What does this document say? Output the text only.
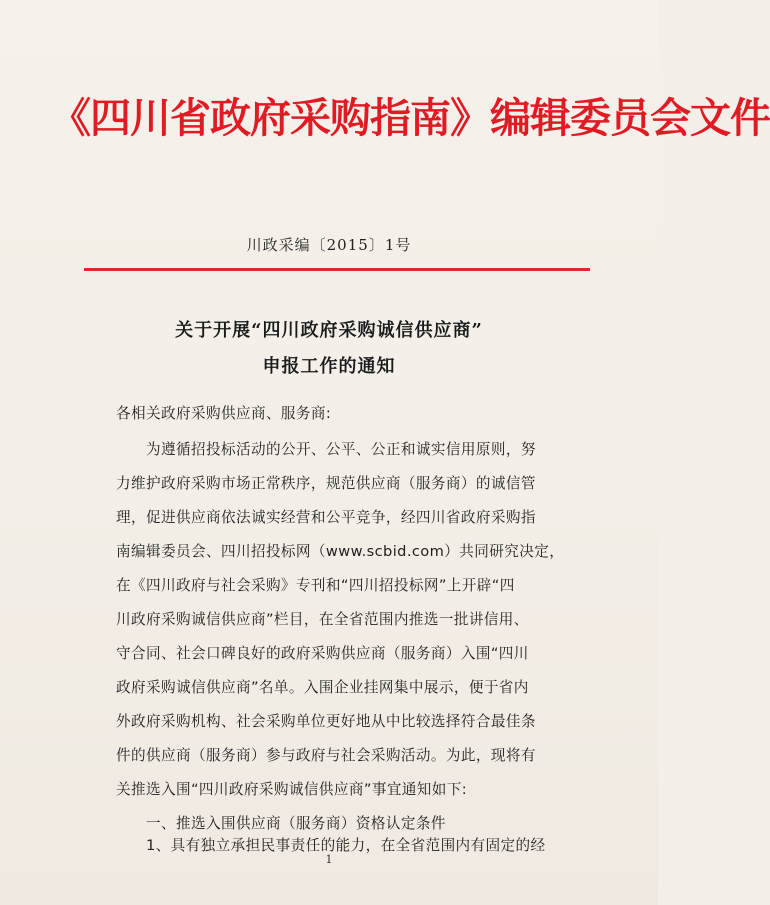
《四川省政府采购指南》编辑委员会文件
川政采编〔2015〕1号
关于开展“四川政府采购诚信供应商”
申报工作的通知
各相关政府采购供应商、服务商:
为遵循招投标活动的公开、公平、公正和诚实信用原则，努
力维护政府采购市场正常秩序，规范供应商（服务商）的诚信管
理，促进供应商依法诚实经营和公平竞争，经四川省政府采购指
南编辑委员会、四川招投标网（www.scbid.com）共同研究决定，
在《四川政府与社会采购》专刊和“四川招投标网”上开辟“四
川政府采购诚信供应商”栏目，在全省范围内推选一批讲信用、
守合同、社会口碑良好的政府采购供应商（服务商）入围“四川
政府采购诚信供应商”名单。入围企业挂网集中展示，便于省内
外政府采购机构、社会采购单位更好地从中比较选择符合最佳条
件的供应商（服务商）参与政府与社会采购活动。为此，现将有
关推选入围“四川政府采购诚信供应商”事宜通知如下:
一、推选入围供应商（服务商）资格认定条件
1、具有独立承担民事责任的能力，在全省范围内有固定的经
1
